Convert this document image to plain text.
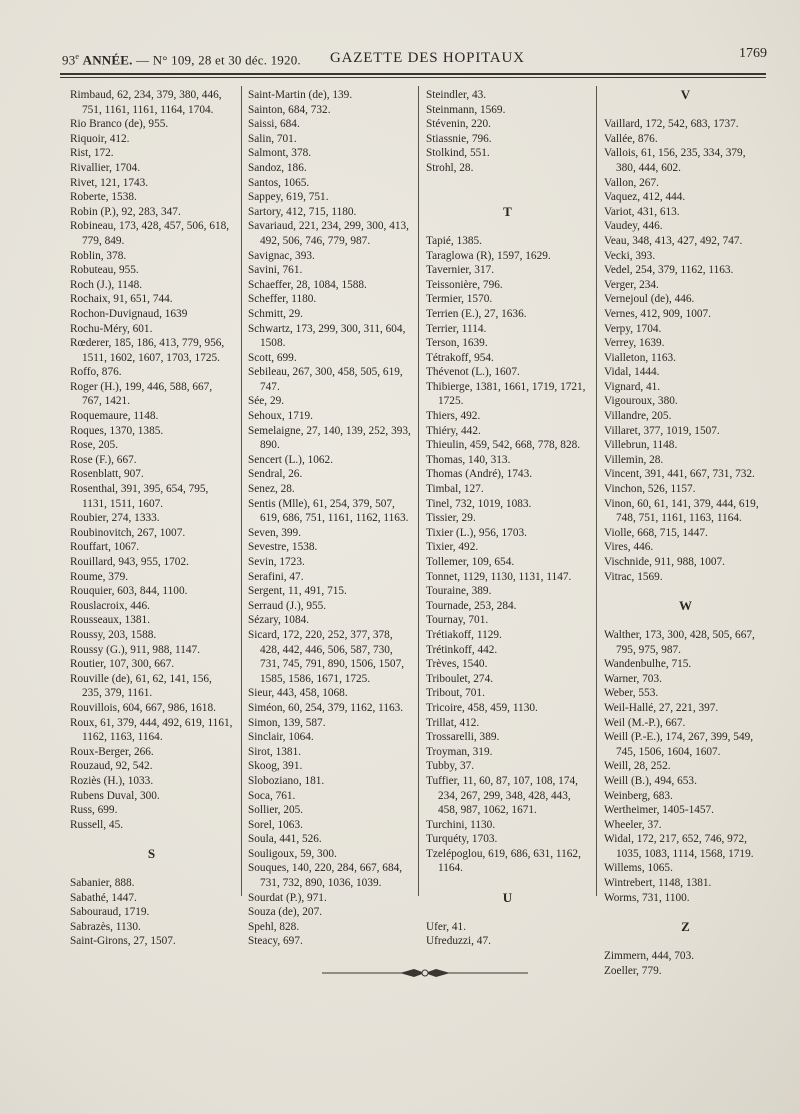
93e ANNÉE. — N° 109, 28 et 30 déc. 1920. GAZETTE DES HOPITAUX	1769

Rimbaud, 62, 234, 379, 380, 446, 751, 1161, 1161, 1164, 1704.

Rio Branco (de), 955.

Riquoir, 412.

Rist, 172.

Rivallier, 1704.

Rivet, 121, 1743.

Roberte, 1538.

Robin (P.), 92, 283, 347.

Robineau, 173, 428, 457, 506, 618, 779, 849.

Roblin, 378.

Robuteau, 955.

Roch (J.), 1148.

Rochaix, 91, 651, 744.

Rochon-Duvignaud, 1639

Rochu-Méry, 601.

Rœderer, 185, 186, 413, 779, 956, 1511, 1602, 1607, 1703, 1725.

Roffo, 876.

Roger (H.), 199, 446, 588, 667, 767, 1421.

Roquemaure, 1148.

Roques, 1370, 1385.

Rose, 205.

Rose (F.), 667.

Rosenblatt, 907.

Rosenthal, 391, 395, 654, 795, 1131, 1511, 1607.

Roubier, 274, 1333.

Roubinovitch, 267, 1007.

Rouffart, 1067.

Rouillard, 943, 955, 1702.

Roume, 379.

Rouquier, 603, 844, 1100.

Rouslacroix, 446.

Rousseaux, 1381.

Roussy, 203, 1588.

Roussy (G.), 911, 988, 1147.

Routier, 107, 300, 667.

Rouville (de), 61, 62, 141, 156, 235, 379, 1161.

Rouvillois, 604, 667, 986, 1618.

Roux, 61, 379, 444, 492, 619, 1161, 1162, 1163, 1164.

Roux-Berger, 266.

Rouzaud, 92, 542.

Roziès (H.), 1033.

Rubens Duval, 300.

Russ, 699.

Russell, 45.

S

Sabanier, 888.

Sabathé, 1447.

Sabouraud, 1719.

Sabrazès, 1130.

Saint-Girons, 27, 1507.

Saint-Martin (de), 139.

Sainton, 684, 732.

Saissi, 684.

Salin, 701.

Salmont, 378.

Sandoz, 186.

Santos, 1065.

Sappey, 619, 751.

Sartory, 412, 715, 1180.

Savariaud, 221, 234, 299, 300, 413, 492, 506, 746, 779, 987.

Savignac, 393.

Savini, 761.

Schaeffer, 28, 1084, 1588.

Scheffer, 1180.

Schmitt, 29.

Schwartz, 173, 299, 300, 311, 604, 1508.

Scott, 699.

Sebileau, 267, 300, 458, 505, 619, 747.

Sée, 29.

Sehoux, 1719.

Semelaigne, 27, 140, 139, 252, 393, 890.

Sencert (L.), 1062.

Sendral, 26.

Senez, 28.

Sentis (Mlle), 61, 254, 379, 507, 619, 686, 751, 1161, 1162, 1163.

Seven, 399.

Sevestre, 1538.

Sevin, 1723.

Serafini, 47.

Sergent, 11, 491, 715.

Serraud (J.), 955.

Sézary, 1084.

Sicard, 172, 220, 252, 377, 378, 428, 442, 446, 506, 587, 730, 731, 745, 791, 890, 1506, 1507, 1585, 1586, 1671, 1725.

Sieur, 443, 458, 1068.

Siméon, 60, 254, 379, 1162, 1163.

Simon, 139, 587.

Sinclair, 1064.

Sirot, 1381.

Skoog, 391.

Slobozianо, 181.

Soca, 761.

Sollier, 205.

Sorel, 1063.

Soula, 441, 526.

Souligoux, 59, 300.

Souques, 140, 220, 284, 667, 684, 731, 732, 890, 1036, 1039.

Sourdat (P.), 971.

Souza (de), 207.

Spehl, 828.

Steacy, 697.

Steindler, 43.

Steinmann, 1569.

Stévenin, 220.

Stiassnie, 796.

Stolkind, 551.

Strohl, 28.

T

Tapié, 1385.

Taraglowa (R), 1597, 1629.

Tavernier, 317.

Teissonière, 796.

Termier, 1570.

Terrien (E.), 27, 1636.

Terrier, 1114.

Terson, 1639.

Tétrakoff, 954.

Thévenot (L.), 1607.

Thibierge, 1381, 1661, 1719, 1721, 1725.

Thiers, 492.

Thiéry, 442.

Thieulin, 459, 542, 668, 778, 828.

Thomas, 140, 313.

Thomas (André), 1743.

Timbal, 127.

Tinel, 732, 1019, 1083.

Tissier, 29.

Tixier (L.), 956, 1703.

Tixier, 492.

Tollemer, 109, 654.

Tonnet, 1129, 1130, 1131, 1147.

Touraine, 389.

Tournade, 253, 284.

Tournay, 701.

Trétiakoff, 1129.

Trétinkoff, 442.

Trèves, 1540.

Triboulet, 274.

Tribout, 701.

Tricoire, 458, 459, 1130.

Trillat, 412.

Trossarelli, 389.

Troyman, 319.

Tubby, 37.

Tuffier, 11, 60, 87, 107, 108, 174, 234, 267, 299, 348, 428, 443, 458, 987, 1062, 1671.

Turchini, 1130.

Turquéty, 1703.

Tzelépoglou, 619, 686, 631, 1162, 1164.

U

Ufer, 41.

Ufreduzzi, 47.

V

Vaillard, 172, 542, 683, 1737.

Vallée, 876.

Vallois, 61, 156, 235, 334, 379, 380, 444, 602.

Vallon, 267.

Vaquez, 412, 444.

Variot, 431, 613.

Vaudey, 446.

Veau, 348, 413, 427, 492, 747.

Vecki, 393.

Vedel, 254, 379, 1162, 1163.

Verger, 234.

Vernejoul (de), 446.

Vernes, 412, 909, 1007.

Verpy, 1704.

Verrey, 1639.

Vialleton, 1163.

Vidal, 1444.

Vignard, 41.

Vigouroux, 380.

Villandre, 205.

Villaret, 377, 1019, 1507.

Villebrun, 1148.

Villemin, 28.

Vincent, 391, 441, 667, 731, 732.

Vinchon, 526, 1157.

Vinon, 60, 61, 141, 379, 444, 619, 748, 751, 1161, 1163, 1164.

Violle, 668, 715, 1447.

Vires, 446.

Vischnide, 911, 988, 1007.

Vitrac, 1569.

W

Walther, 173, 300, 428, 505, 667, 795, 975, 987.

Wandenbulhe, 715.

Warner, 703.

Weber, 553.

Weil-Hallé, 27, 221, 397.

Weil (M.-P.), 667.

Weill (P.-E.), 174, 267, 399, 549, 745, 1506, 1604, 1607.

Weill, 28, 252.

Weill (B.), 494, 653.

Weinberg, 683.

Wertheimer, 1405-1457.

Wheeler, 37.

Widal, 172, 217, 652, 746, 972, 1035, 1083, 1114, 1568, 1719.

Willems, 1065.

Wintrebert, 1148, 1381.

Worms, 731, 1100.

Z

Zimmern, 444, 703.

Zoeller, 779.
